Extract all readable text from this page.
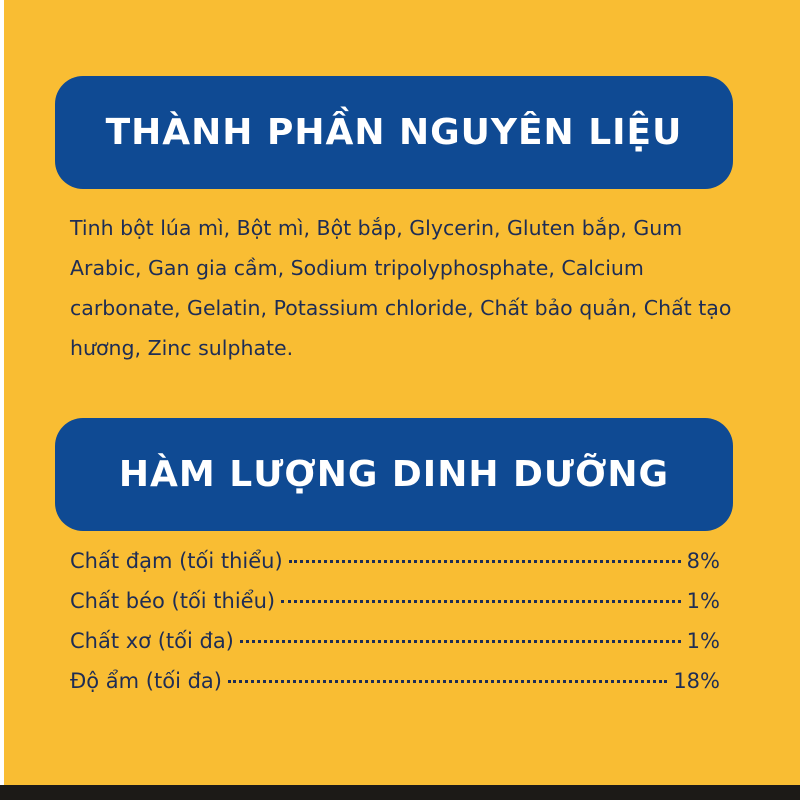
THÀNH PHẦN NGUYÊN LIỆU

Tinh bột lúa mì, Bột mì, Bột bắp, Glycerin, Gluten bắp, Gum Arabic, Gan gia cầm, Sodium tripolyphosphate, Calcium carbonate, Gelatin, Potassium chloride, Chất bảo quản, Chất tạo hương, Zinc sulphate.

HÀM LƯỢNG DINH DƯỠNG
Chất đạm (tối thiểu)	8%
Chất béo (tối thiểu)	1%
Chất xơ (tối đa)	1%
Độ ẩm (tối đa)	18%
